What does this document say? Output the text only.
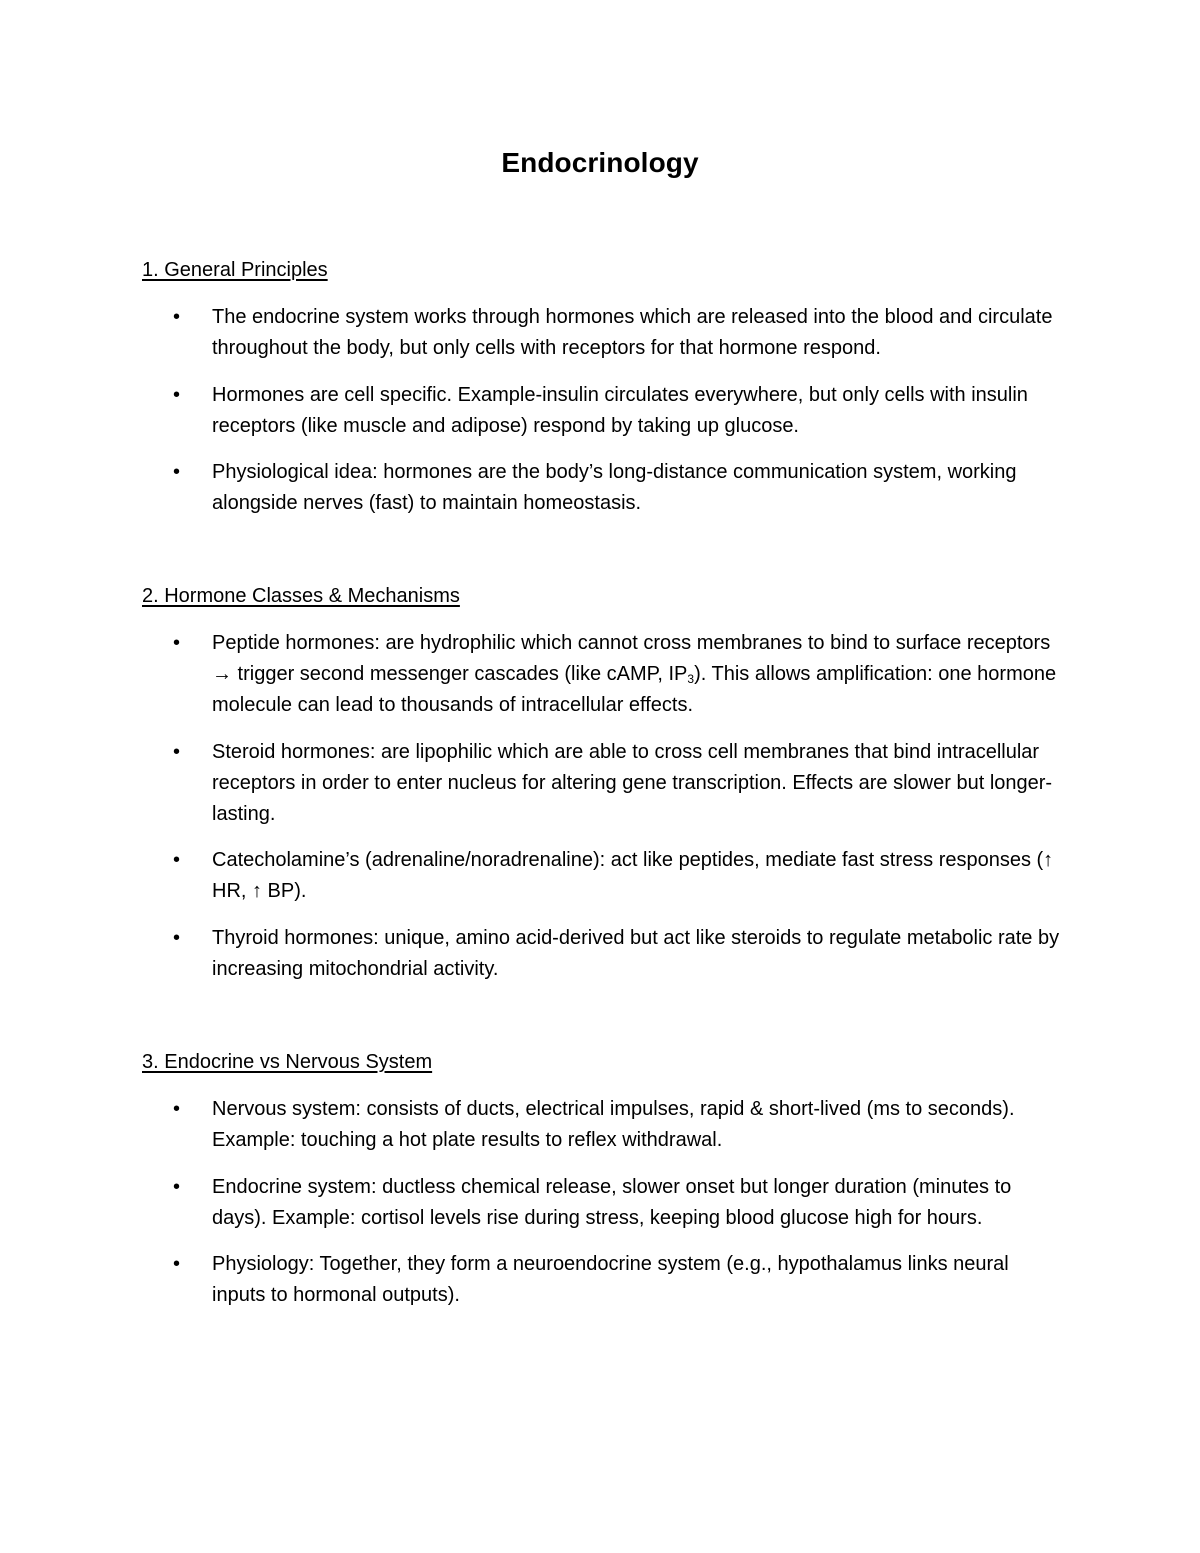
Endocrinology
1. General Principles
• The endocrine system works through hormones which are released into the blood and circulate throughout the body, but only cells with receptors for that hormone respond.
• Hormones are cell specific. Example-insulin circulates everywhere, but only cells with insulin receptors (like muscle and adipose) respond by taking up glucose.
• Physiological idea: hormones are the body’s long-distance communication system, working alongside nerves (fast) to maintain homeostasis.
2. Hormone Classes & Mechanisms
• Peptide hormones: are hydrophilic which cannot cross membranes to bind to surface receptors → trigger second messenger cascades (like cAMP, $IP_3$). This allows amplification: one hormone molecule can lead to thousands of intracellular effects.
• Steroid hormones: are lipophilic which are able to cross cell membranes that bind intracellular receptors in order to enter nucleus for altering gene transcription. Effects are slower but longer-lasting.
• Catecholamine’s (adrenaline/noradrenaline): act like peptides, mediate fast stress responses (↑ HR, ↑ BP).
• Thyroid hormones: unique, amino acid-derived but act like steroids to regulate metabolic rate by increasing mitochondrial activity.
3. Endocrine vs Nervous System
• Nervous system: consists of ducts, electrical impulses, rapid & short-lived (ms to seconds). Example: touching a hot plate results to reflex withdrawal.
• Endocrine system: ductless chemical release, slower onset but longer duration (minutes to days). Example: cortisol levels rise during stress, keeping blood glucose high for hours.
• Physiology: Together, they form a neuroendocrine system (e.g., hypothalamus links neural inputs to hormonal outputs).
